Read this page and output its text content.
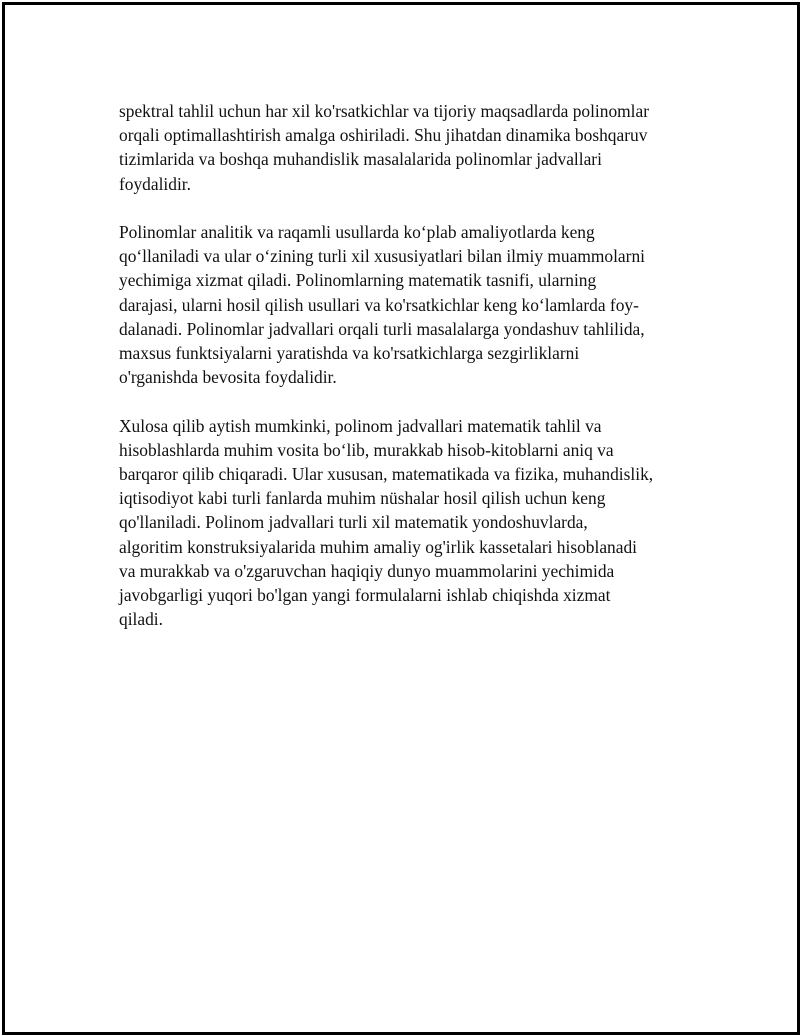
spektral tahlil uchun har xil ko'rsatkichlar va tijoriy maqsadlarda polinomlar
orqali optimallashtirish amalga oshiriladi. Shu jihatdan dinamika boshqaruv
tizimlarida va boshqa muhandislik masalalarida polinomlar jadvallari
foydalidir.

Polinomlar analitik va raqamli usullarda ko‘plab amaliyotlarda keng
qo‘llaniladi va ular o‘zining turli xil xususiyatlari bilan ilmiy muammolarni
yechimiga xizmat qiladi. Polinomlarning matematik tasnifi, ularning
darajasi, ularni hosil qilish usullari va ko'rsatkichlar keng ko‘lamlarda foy-
dalanadi. Polinomlar jadvallari orqali turli masalalarga yondashuv tahlilida,
maxsus funktsiyalarni yaratishda va ko'rsatkichlarga sezgirliklarni
o'rganishda bevosita foydalidir.

Xulosa qilib aytish mumkinki, polinom jadvallari matematik tahlil va
hisoblashlarda muhim vosita bo‘lib, murakkab hisob-kitoblarni aniq va
barqaror qilib chiqaradi. Ular xususan, matematikada va fizika, muhandislik,
iqtisodiyot kabi turli fanlarda muhim nüshalar hosil qilish uchun keng
qo'llaniladi. Polinom jadvallari turli xil matematik yondoshuvlarda,
algoritim konstruksiyalarida muhim amaliy og'irlik kassetalari hisoblanadi
va murakkab va o'zgaruvchan haqiqiy dunyo muammolarini yechimida
javobgarligi yuqori bo'lgan yangi formulalarni ishlab chiqishda xizmat
qiladi.
